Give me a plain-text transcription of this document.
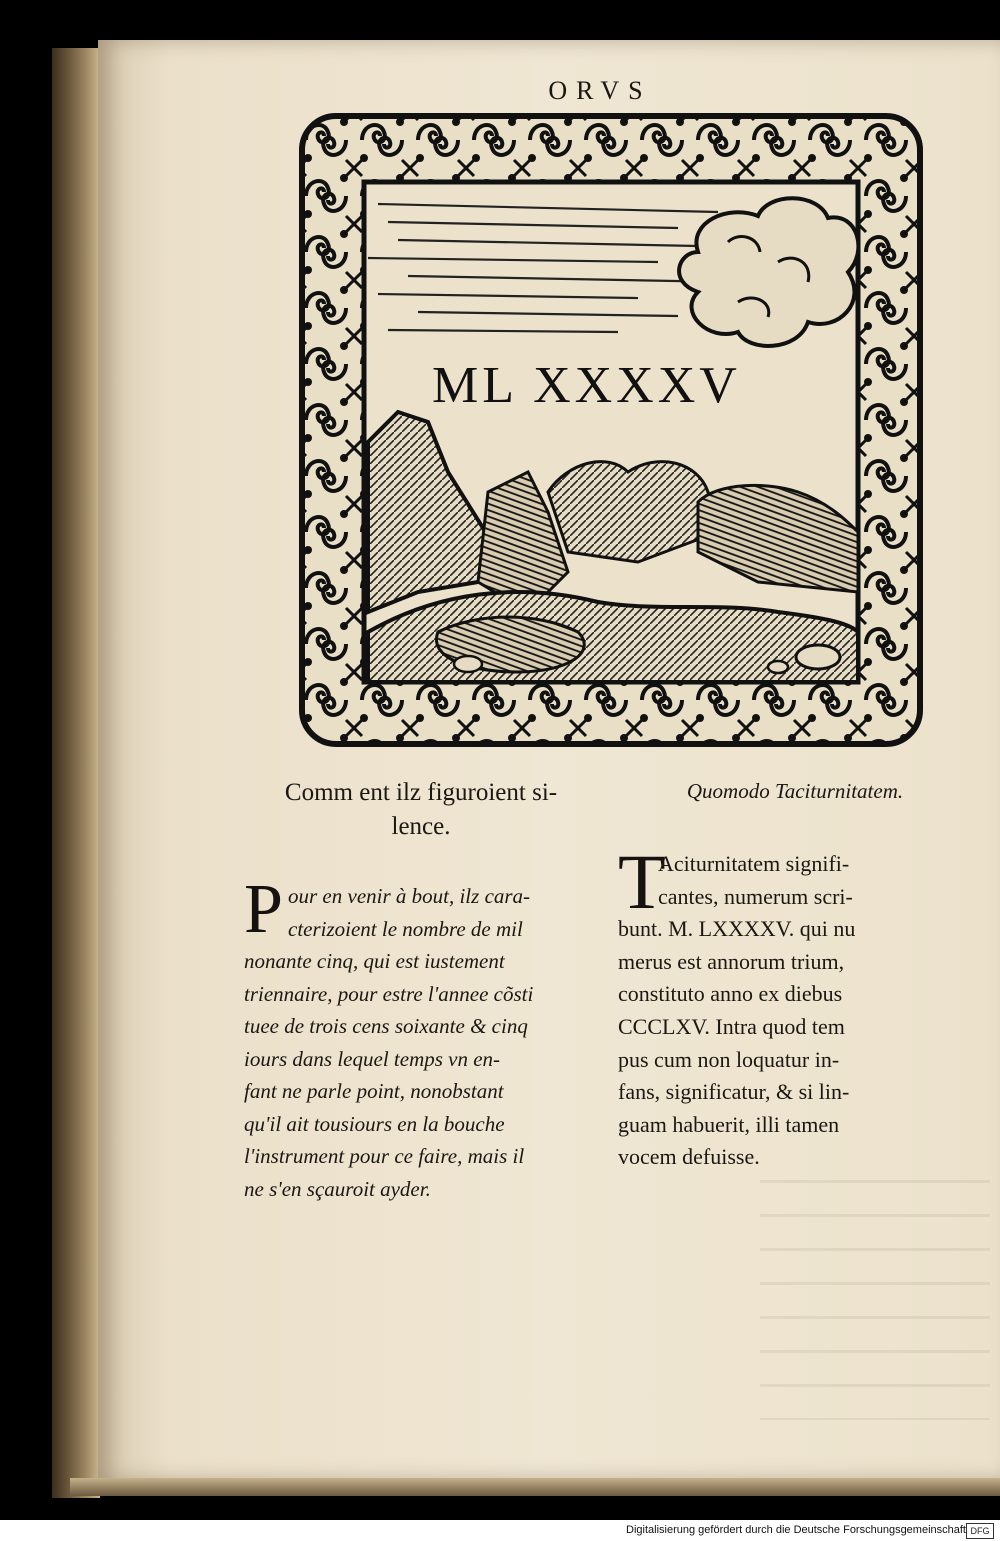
ORVS
ML XXXXV
Comm ent ilz figuroient si-
lence.
P our en venir à bout, ilz cara-
cterizoient le nombre de mil
nonante cinq, qui est iustement
triennaire, pour estre l'annee cõsti
tuee de trois cens soixante & cinq
iours dans lequel temps vn en-
fant ne parle point, nonobstant
qu'il ait tousiours en la bouche
l'instrument pour ce faire, mais il
ne s'en sçauroit ayder.
Quomodo Taciturnitatem.
T
Aciturnitatem signifi-
cantes, numerum scri-
bunt. M. LXXXXV. qui nu
merus est annorum trium,
constituto anno ex diebus
CCCLXV. Intra quod tem
pus cum non loquatur in-
fans, significatur, & si lin-
guam habuerit, illi tamen
vocem defuisse.
Digitalisierung gefördert durch die Deutsche Forschungsgemeinschaft DFG
